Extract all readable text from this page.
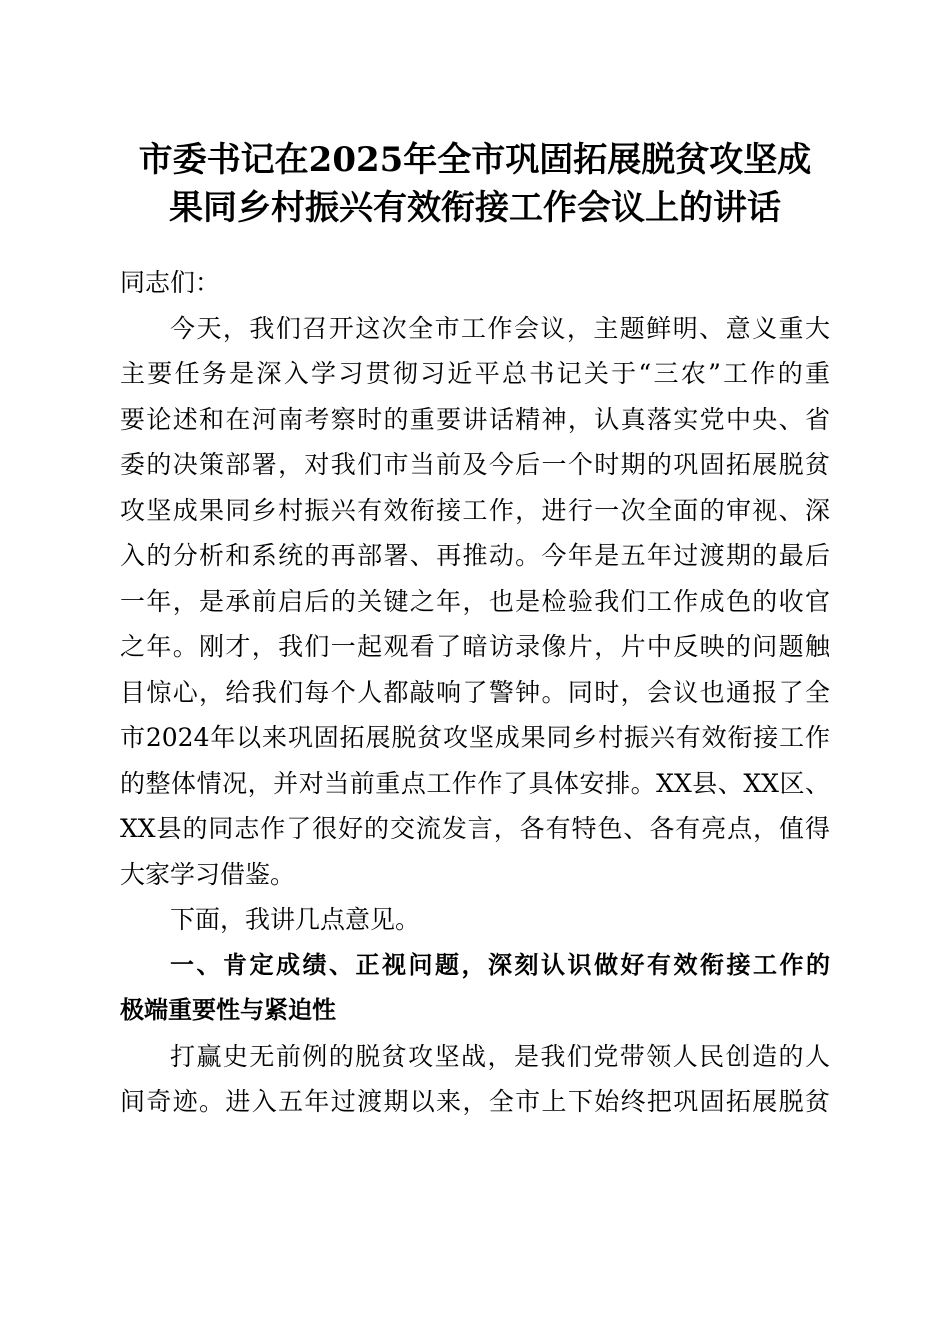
市委书记在2025年全市巩固拓展脱贫攻坚成
果同乡村振兴有效衔接工作会议上的讲话
同志们：
今天，我们召开这次全市工作会议，主题鲜明、意义重大
主要任务是深入学习贯彻习近平总书记关于“三农”工作的重
要论述和在河南考察时的重要讲话精神，认真落实党中央、省
委的决策部署，对我们市当前及今后一个时期的巩固拓展脱贫
攻坚成果同乡村振兴有效衔接工作，进行一次全面的审视、深
入的分析和系统的再部署、再推动。今年是五年过渡期的最后
一年，是承前启后的关键之年，也是检验我们工作成色的收官
之年。刚才，我们一起观看了暗访录像片，片中反映的问题触
目惊心，给我们每个人都敲响了警钟。同时，会议也通报了全
市2024年以来巩固拓展脱贫攻坚成果同乡村振兴有效衔接工作
的整体情况，并对当前重点工作作了具体安排。XX县、XX区、
XX县的同志作了很好的交流发言，各有特色、各有亮点，值得
大家学习借鉴。
下面，我讲几点意见。
一、肯定成绩、正视问题，深刻认识做好有效衔接工作的
极端重要性与紧迫性
打赢史无前例的脱贫攻坚战，是我们党带领人民创造的人
间奇迹。进入五年过渡期以来，全市上下始终把巩固拓展脱贫
